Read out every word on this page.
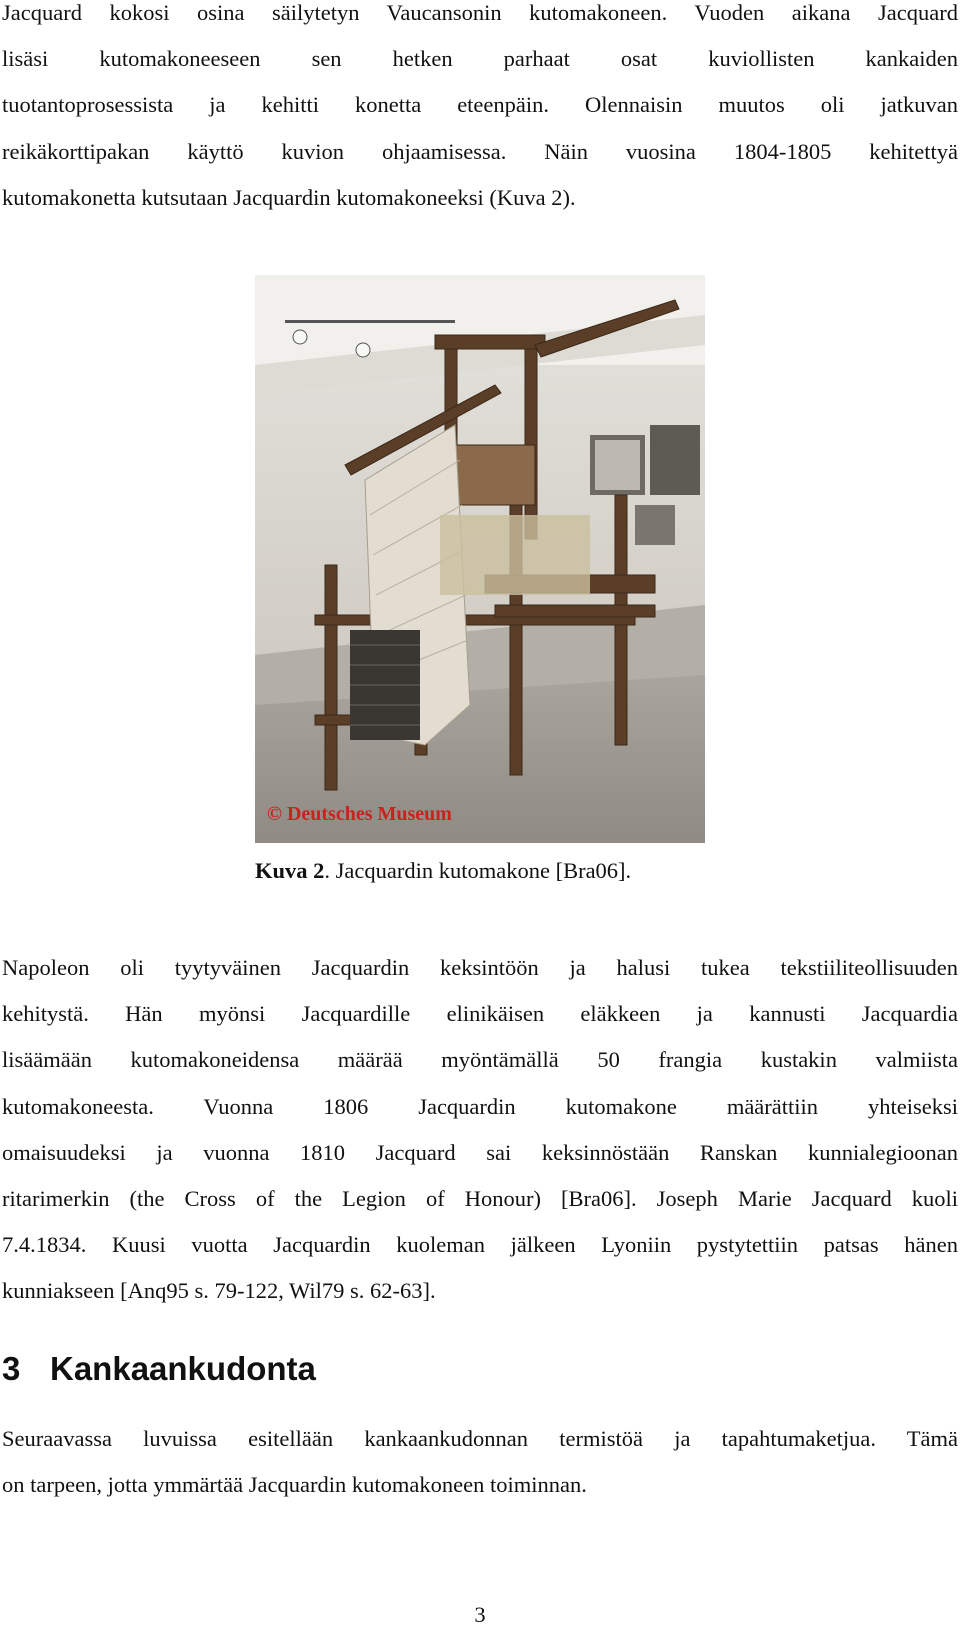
Jacquard kokosi osina säilytetyn Vaucansonin kutomakoneen. Vuoden aikana Jacquard
lisäsi kutomakoneeseen sen hetken parhaat osat kuviollisten kankaiden
tuotantoprosessista ja kehitti konetta eteenpäin. Olennaisin muutos oli jatkuvan
reikäkorttipakan käyttö kuvion ohjaamisessa. Näin vuosina 1804-1805 kehitettyä
kutomakonetta kutsutaan Jacquardin kutomakoneeksi (Kuva 2).
© Deutsches Museum

Kuva 2. Jacquardin kutomakone [Bra06].

Napoleon oli tyytyväinen Jacquardin keksintöön ja halusi tukea tekstiiliteollisuuden
kehitystä. Hän myönsi Jacquardille elinikäisen eläkkeen ja kannusti Jacquardia
lisäämään kutomakoneidensa määrää myöntämällä 50 frangia kustakin valmiista
kutomakoneesta. Vuonna 1806 Jacquardin kutomakone määrättiin yhteiseksi
omaisuudeksi ja vuonna 1810 Jacquard sai keksinnöstään Ranskan kunnialegioonan
ritarimerkin (the Cross of the Legion of Honour) [Bra06]. Joseph Marie Jacquard kuoli
7.4.1834. Kuusi vuotta Jacquardin kuoleman jälkeen Lyoniin pystytettiin patsas hänen
kunniakseen [Anq95 s. 79-122, Wil79 s. 62-63].
3 Kankaankudonta
Seuraavassa luvuissa esitellään kankaankudonnan termistöä ja tapahtumaketjua. Tämä
on tarpeen, jotta ymmärtää Jacquardin kutomakoneen toiminnan.
3
